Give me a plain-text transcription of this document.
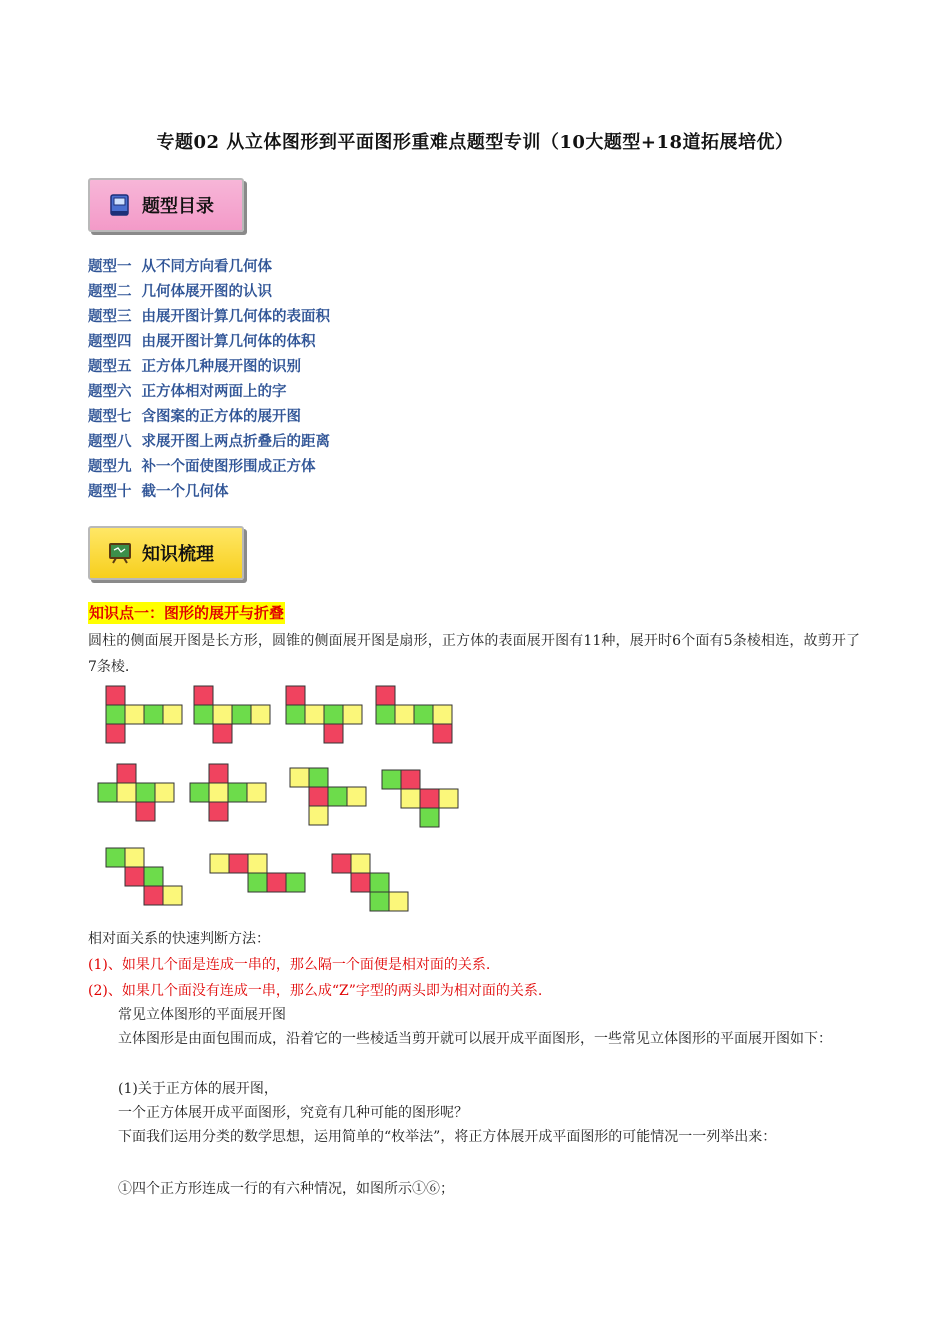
专题02 从立体图形到平面图形重难点题型专训（10大题型+18道拓展培优）
题型目录
题型一 从不同方向看几何体
题型二 几何体展开图的认识
题型三 由展开图计算几何体的表面积
题型四 由展开图计算几何体的体积
题型五 正方体几种展开图的识别
题型六 正方体相对两面上的字
题型七 含图案的正方体的展开图
题型八 求展开图上两点折叠后的距离
题型九 补一个面使图形围成正方体
题型十 截一个几何体
知识梳理
知识点一：图形的展开与折叠
圆柱的侧面展开图是长方形，圆锥的侧面展开图是扇形，正方体的表面展开图有11种，展开时6个面有5条棱相连，故剪开了7条棱.
相对面关系的快速判断方法：
(1)、如果几个面是连成一串的，那么隔一个面便是相对面的关系.
(2)、如果几个面没有连成一串，那么成“Z”字型的两头即为相对面的关系.
常见立体图形的平面展开图
立体图形是由面包围而成，沿着它的一些棱适当剪开就可以展开成平面图形，一些常见立体图形的平面展开图如下：
(1)关于正方体的展开图，
一个正方体展开成平面图形，究竟有几种可能的图形呢？
下面我们运用分类的数学思想，运用简单的“枚举法”，将正方体展开成平面图形的可能情况一一列举出来：
①四个正方形连成一行的有六种情况，如图所示①⑥；
